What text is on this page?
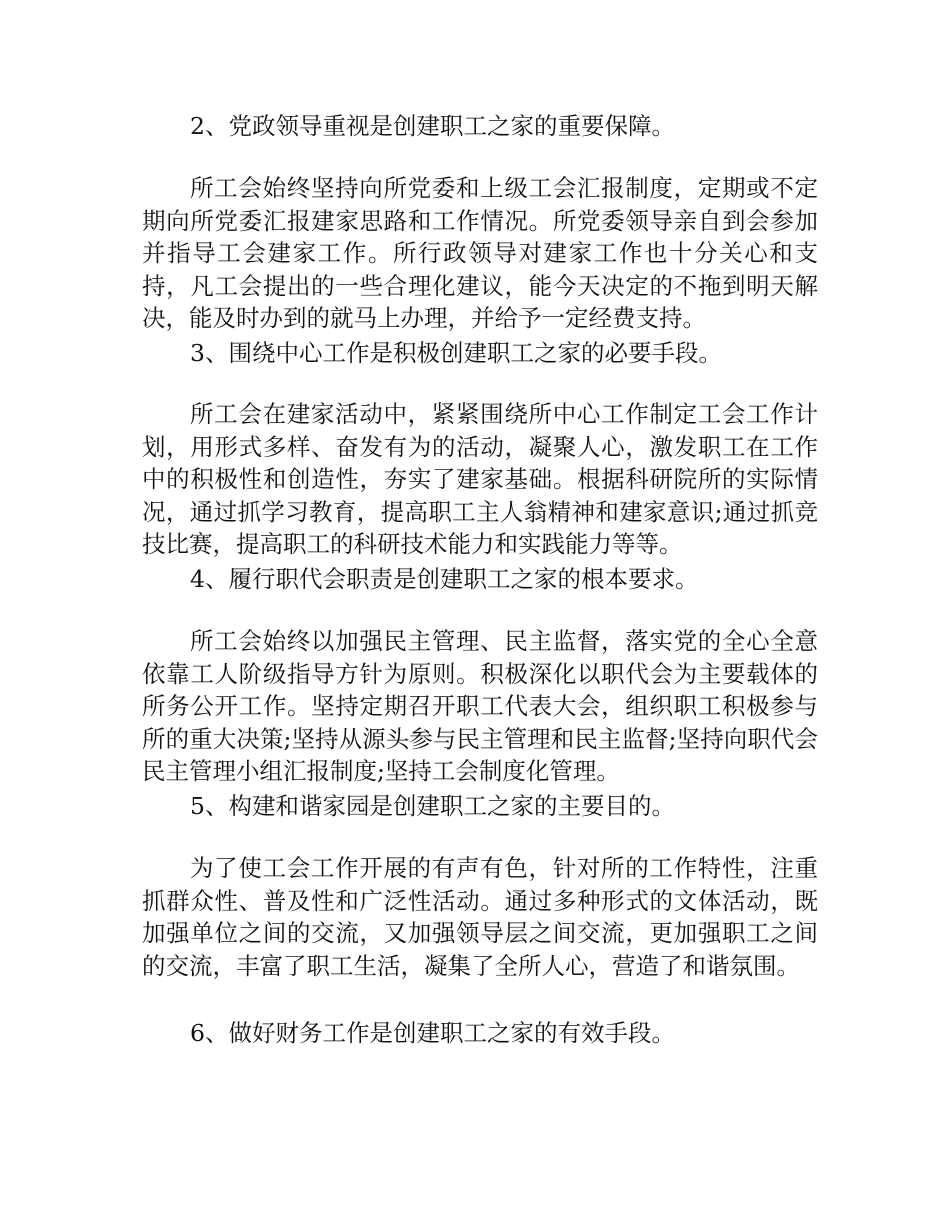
2、党政领导重视是创建职工之家的重要保障。
所工会始终坚持向所党委和上级工会汇报制度，定期或不定期向所党委汇报建家思路和工作情况。所党委领导亲自到会参加并指导工会建家工作。所行政领导对建家工作也十分关心和支持，凡工会提出的一些合理化建议，能今天决定的不拖到明天解决，能及时办到的就马上办理，并给予一定经费支持。
3、围绕中心工作是积极创建职工之家的必要手段。
所工会在建家活动中，紧紧围绕所中心工作制定工会工作计划，用形式多样、奋发有为的活动，凝聚人心，激发职工在工作中的积极性和创造性，夯实了建家基础。根据科研院所的实际情况，通过抓学习教育，提高职工主人翁精神和建家意识;通过抓竞技比赛，提高职工的科研技术能力和实践能力等等。
4、履行职代会职责是创建职工之家的根本要求。
所工会始终以加强民主管理、民主监督，落实党的全心全意依靠工人阶级指导方针为原则。积极深化以职代会为主要载体的所务公开工作。坚持定期召开职工代表大会，组织职工积极参与所的重大决策;坚持从源头参与民主管理和民主监督;坚持向职代会民主管理小组汇报制度;坚持工会制度化管理。
5、构建和谐家园是创建职工之家的主要目的。
为了使工会工作开展的有声有色，针对所的工作特性，注重抓群众性、普及性和广泛性活动。通过多种形式的文体活动，既加强单位之间的交流，又加强领导层之间交流，更加强职工之间的交流，丰富了职工生活，凝集了全所人心，营造了和谐氛围。
6、做好财务工作是创建职工之家的有效手段。
